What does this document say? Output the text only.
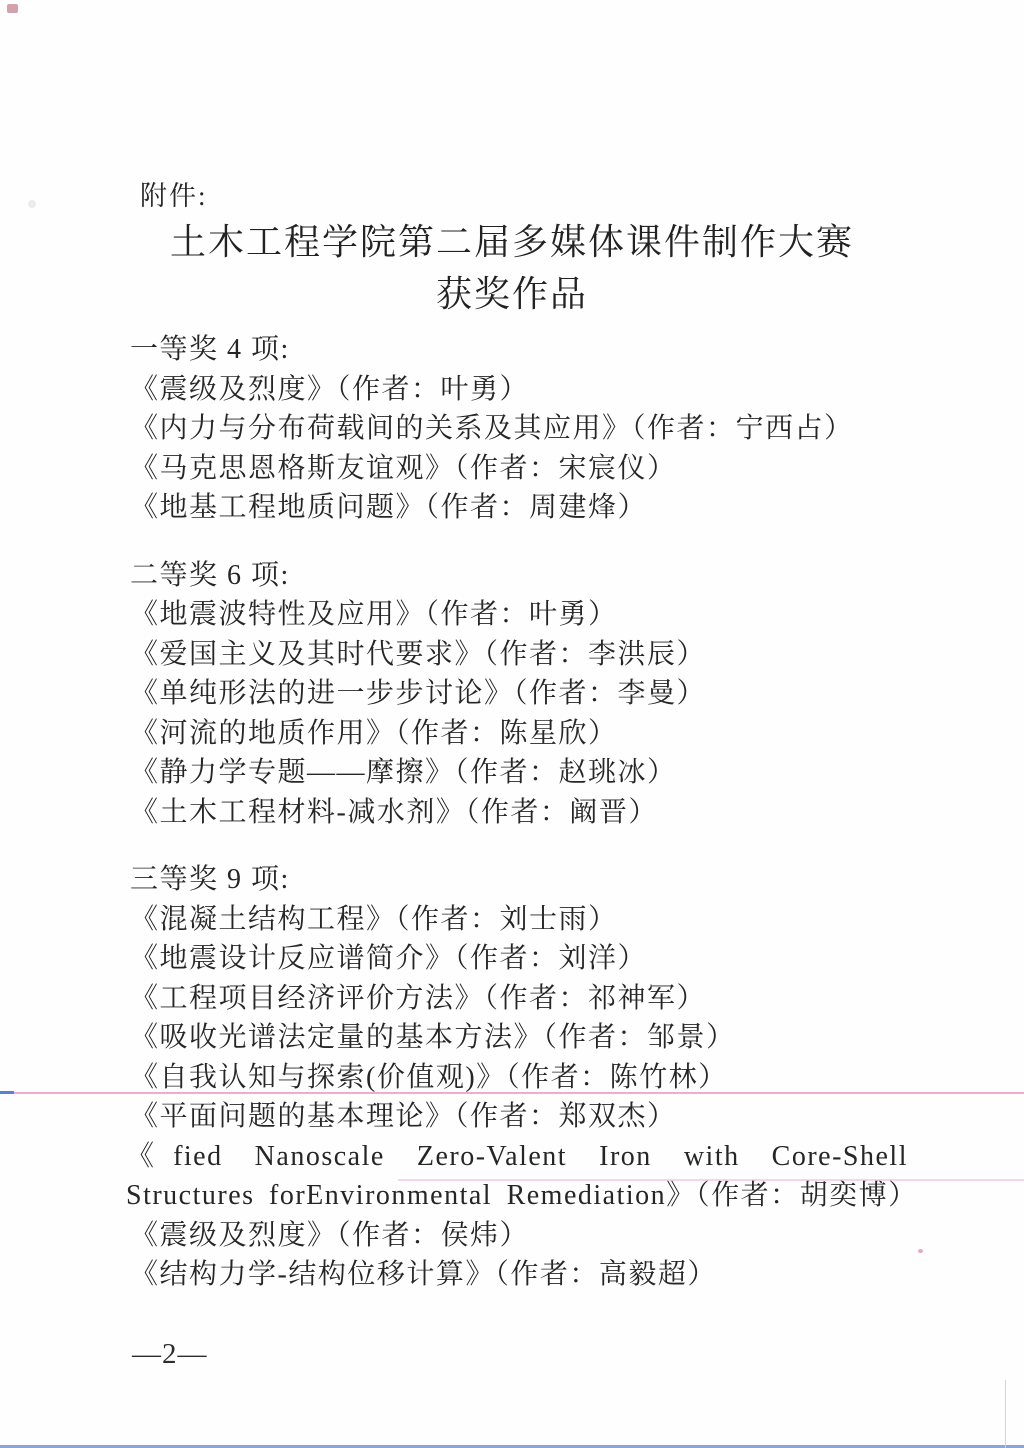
附件:
土木工程学院第二届多媒体课件制作大赛
获奖作品
一等奖 4 项:
《震级及烈度》（作者：叶勇）
《内力与分布荷载间的关系及其应用》（作者：宁西占）
《马克思恩格斯友谊观》（作者：宋宸仪）
《地基工程地质问题》（作者：周建烽）
二等奖 6 项:
《地震波特性及应用》（作者：叶勇）
《爱国主义及其时代要求》（作者：李洪辰）
《单纯形法的进一步步讨论》（作者：李曼）
《河流的地质作用》（作者：陈星欣）
《静力学专题——摩擦》（作者：赵珧冰）
《土木工程材料-减水剂》（作者：阚晋）
三等奖 9 项:
《混凝土结构工程》（作者：刘士雨）
《地震设计反应谱简介》（作者：刘洋）
《工程项目经济评价方法》（作者：祁神军）
《吸收光谱法定量的基本方法》（作者：邹景）
《自我认知与探索(价值观)》（作者：陈竹林）
《平面问题的基本理论》（作者：郑双杰）
《fied Nanoscale Zero-Valent Iron with Core-Shell Structures forEnvironmental Remediation》（作者：胡奕博）
《震级及烈度》（作者：侯炜）
《结构力学-结构位移计算》（作者：高毅超）
—2—
